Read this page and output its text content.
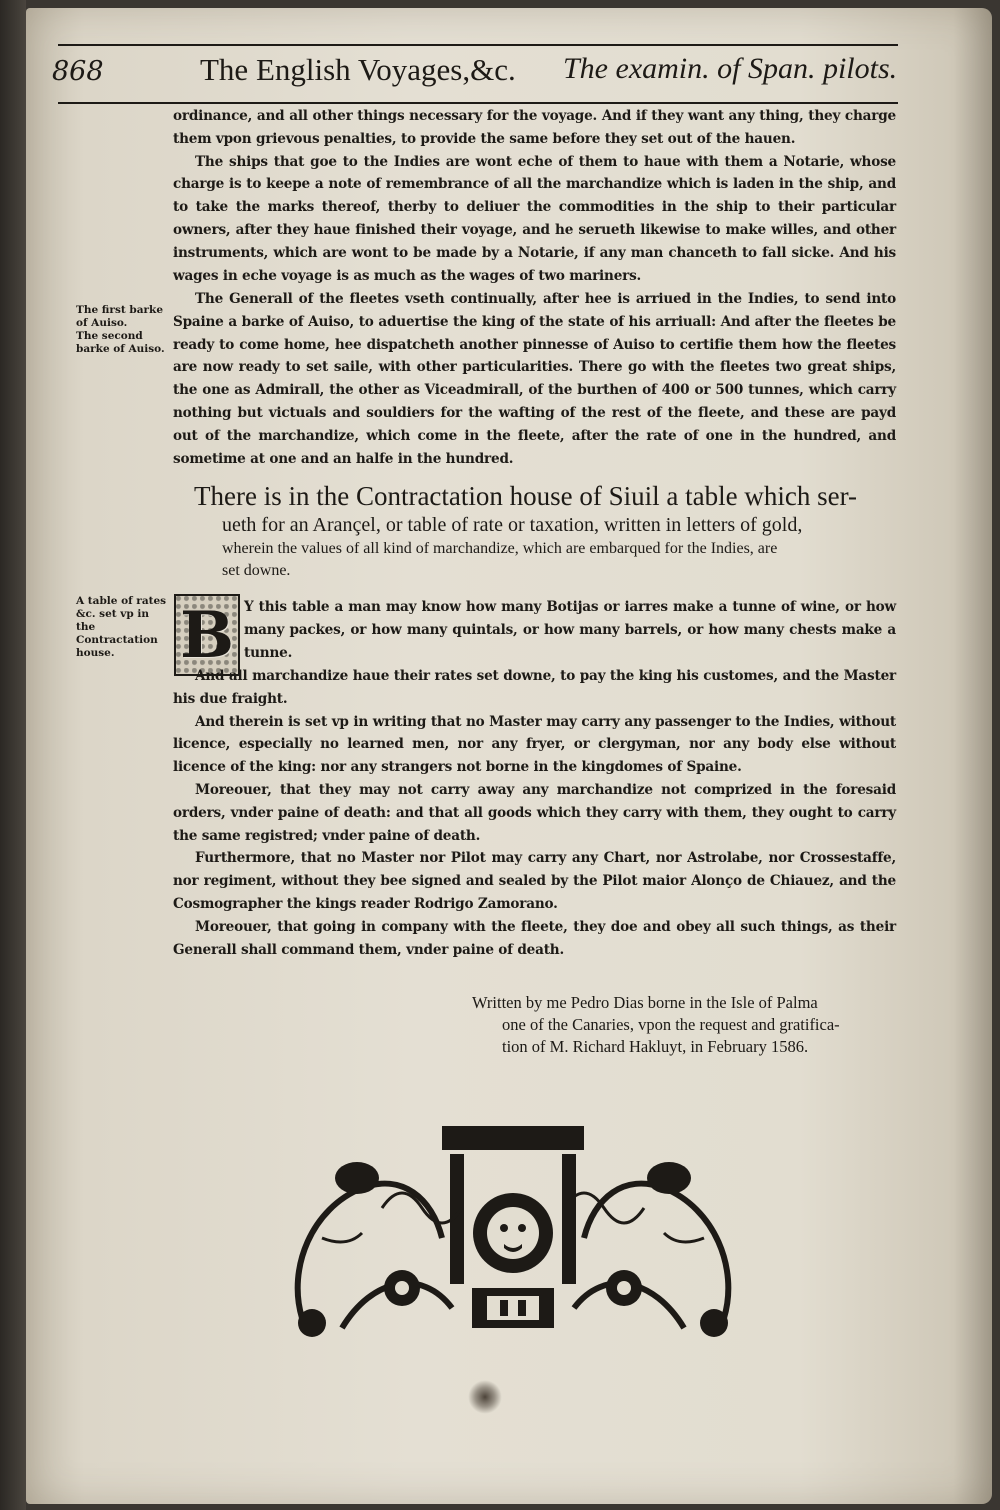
868	The English Voyages,&c. The examin. of Span. pilots.

ordinance, and all other things necessary for the voyage. And if they want any thing, they charge them vpon grievous penalties, to provide the same before they set out of the hauen.

The ships that goe to the Indies are wont eche of them to haue with them a Notarie, whose charge is to keepe a note of remembrance of all the marchandize which is laden in the ship, and to take the marks thereof, therby to deliuer the commodities in the ship to their particular owners, after they haue finished their voyage, and he serueth likewise to make willes, and other instruments, which are wont to be made by a Notarie, if any man chanceth to fall sicke. And his wages in eche voyage is as much as the wages of two mariners.

The Generall of the fleetes vseth continually, after hee is arriued in the Indies, to send into Spaine a barke of Auiso, to aduertise the king of the state of his arriuall: And after the fleetes be ready to come home, hee dispatcheth another pinnesse of Auiso to certifie them how the fleetes are now ready to set saile, with other particularities. There go with the fleetes two great ships, the one as Admirall, the other as Viceadmirall, of the burthen of 400 or 500 tunnes, which carry nothing but victuals and souldiers for the wafting of the rest of the fleete, and these are payd out of the marchandize, which come in the fleete, after the rate of one in the hundred, and sometime at one and an halfe in the hundred.

The first barke of Auiso.
The second barke of Auiso.
There is in the Contractation house of Siuil a table which ser-
ueth for an Arançel, or table of rate or taxation, written in letters of gold,
wherein the values of all kind of marchandize, which are embarqued for the Indies, are
set downe.
A table of rates &c. set vp in the Contractation house.	B Y this table a man may know how many Botijas or iarres make a tunne of wine, or how many packes, or how many quintals, or how many barrels, or how many chests make a tunne.

And all marchandize haue their rates set downe, to pay the king his customes, and the Master his due fraight.

And therein is set vp in writing that no Master may carry any passenger to the Indies, without licence, especially no learned men, nor any fryer, or clergyman, nor any body else without licence of the king: nor any strangers not borne in the kingdomes of Spaine.

Moreouer, that they may not carry away any marchandize not comprized in the foresaid orders, vnder paine of death: and that all goods which they carry with them, they ought to carry the same registred; vnder paine of death.

Furthermore, that no Master nor Pilot may carry any Chart, nor Astrolabe, nor Crossestaffe, nor regiment, without they bee signed and sealed by the Pilot maior Alonço de Chiauez, and the Cosmographer the kings reader Rodrigo Zamorano.

Moreouer, that going in company with the fleete, they doe and obey all such things, as their Generall shall command them, vnder paine of death.

Written by me Pedro Dias borne in the Isle of Palma
one of the Canaries, vpon the request and gratifica-
tion of M. Richard Hakluyt, in February 1586.
